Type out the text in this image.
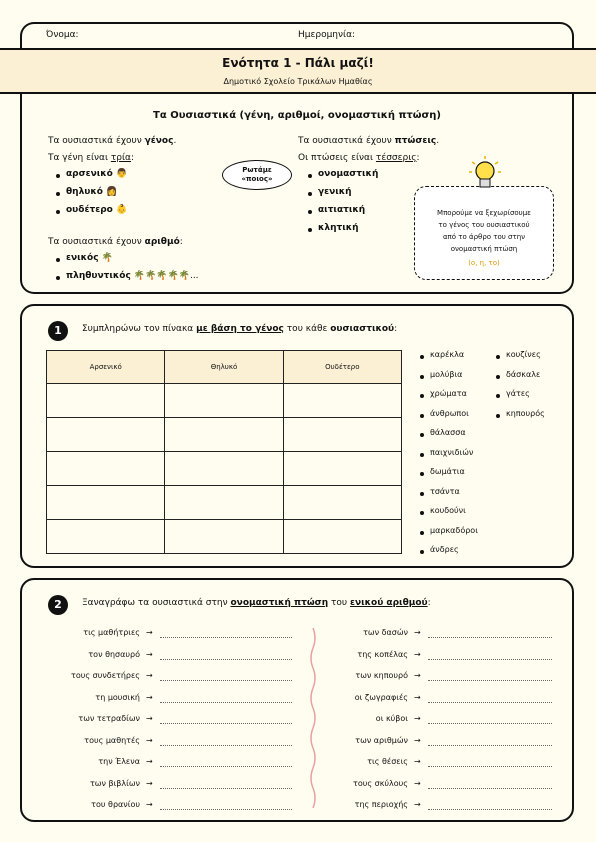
Όνομα:	Ημερομηνία:
Ενότητα 1 - Πάλι μαζί!
Δημοτικό Σχολείο Τρικάλων Ημαθίας
Τα Ουσιαστικά (γένη, αριθμοί, ονομαστική πτώση)
Τα ουσιαστικά έχουν γένος.
Τα γένη είναι τρία:
αρσενικό 👨
θηλυκό 👩
ουδέτερο 👶
Τα ουσιαστικά έχουν αριθμό:
ενικός 🌴
πληθυντικός 🌴🌴🌴🌴🌴...
Ρωτάμε
«ποιος»
Τα ουσιαστικά έχουν πτώσεις.
Οι πτώσεις είναι τέσσερις:
ονομαστική
γενική
αιτιατική
κλητική
Μπορούμε να ξεχωρίσουμε
το γένος του ουσιαστικού
από το άρθρο του στην
ονομαστική πτώση
(ο, η, το)
1	Συμπληρώνω τον πίνακα με βάση το γένος του κάθε ουσιαστικού:
Αρσενικό	Θηλυκό	Ουδέτερο

καρέκλα
μολύβια
χρώματα
άνθρωποι
θάλασσα
παιχνιδιών
δωμάτια
τσάντα
κουδούνι
μαρκαδόροι
άνδρες
κουζίνες
δάσκαλε
γάτες
κηπουρός
2	Ξαναγράφω τα ουσιαστικά στην ονομαστική πτώση του ενικού αριθμού:
τις μαθήτριες →
τον θησαυρό →
τους συνδετήρες →
τη μουσική →
των τετραδίων →
τους μαθητές →
την Έλενα →
των βιβλίων →
του θρανίου →
των δασών →
της κοπέλας →
των κηπουρό →
οι ζωγραφιές →
οι κύβοι →
των αριθμών →
τις θέσεις →
τους σκύλους →
της περιοχής →
